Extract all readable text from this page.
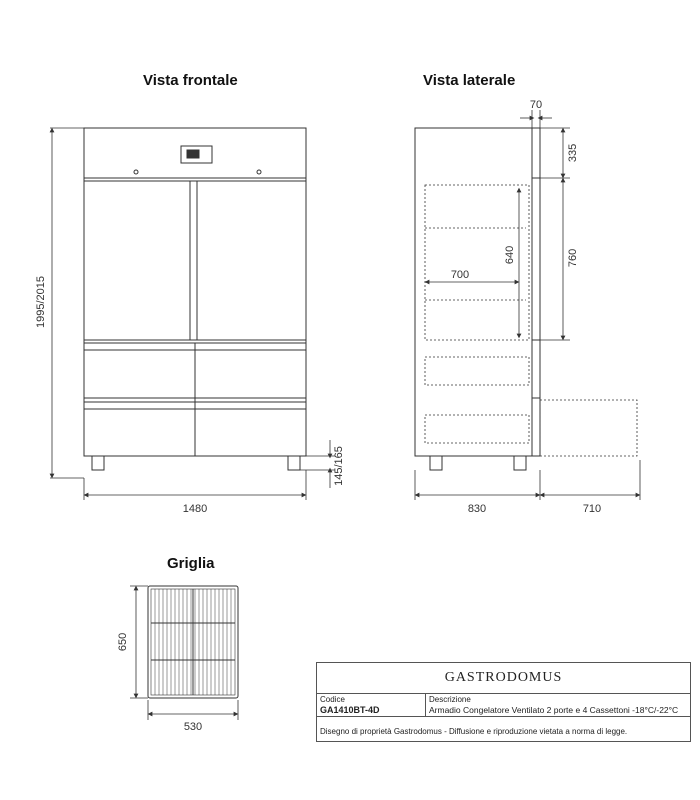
Vista frontale	Vista laterale
Griglia
1995/2015
1480
145/165
70
335
760
640
700
830	710
650
530
GASTRODOMUS
Codice
GA1410BT-4D
Descrizione
Armadio Congelatore Ventilato 2 porte e 4 Cassettoni -18°C/-22°C
Disegno di proprietà Gastrodomus - Diffusione e riproduzione vietata a norma di legge.
